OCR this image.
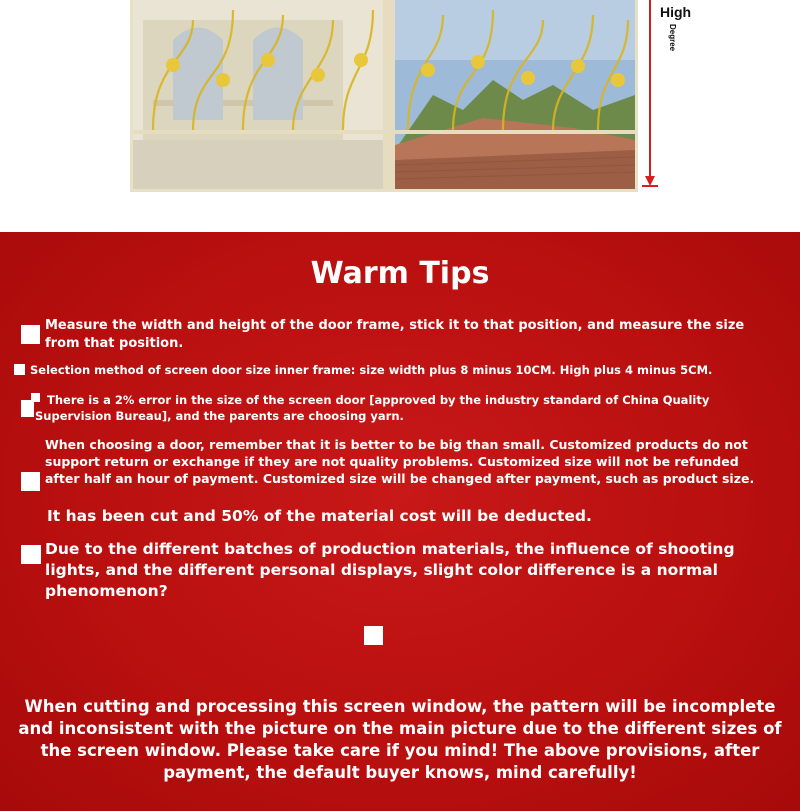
High
Degree
Warm Tips
Measure the width and height of the door frame, stick it to that position, and measure the size from that position.
Selection method of screen door size inner frame: size width plus 8 minus 10CM. High plus 4 minus 5CM.
There is a 2% error in the size of the screen door [approved by the industry standard of China Quality Supervision Bureau], and the parents are choosing yarn.
When choosing a door, remember that it is better to be big than small. Customized products do not support return or exchange if they are not quality problems. Customized size will not be refunded after half an hour of payment. Customized size will be changed after payment, such as product size.
It has been cut and 50% of the material cost will be deducted.
Due to the different batches of production materials, the influence of shooting lights, and the different personal displays, slight color difference is a normal phenomenon?
When cutting and processing this screen window, the pattern will be incomplete and inconsistent with the picture on the main picture due to the different sizes of the screen window. Please take care if you mind! The above provisions, after payment, the default buyer knows, mind carefully!
